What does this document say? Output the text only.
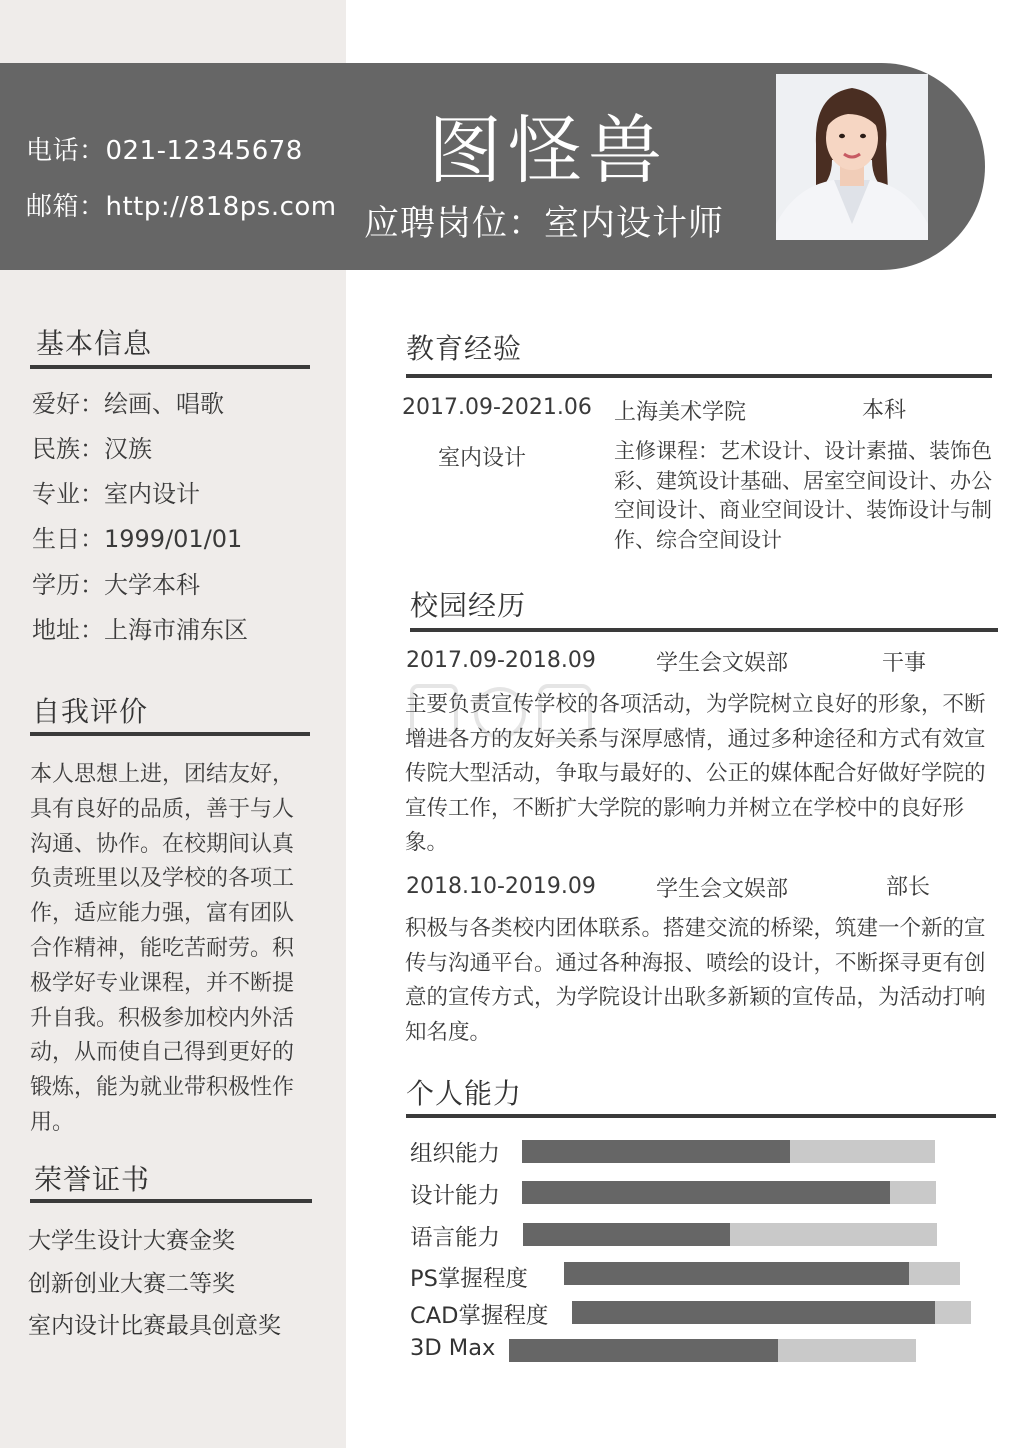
电话：021-12345678
邮箱：http://818ps.com
图怪兽
应聘岗位：室内设计师
基本信息
爱好：绘画、唱歌
民族：汉族
专业：室内设计
生日：1999/01/01
学历：大学本科
地址：上海市浦东区
自我评价
本人思想上进，团结友好，具有良好的品质，善于与人沟通、协作。在校期间认真负责班里以及学校的各项工作，适应能力强，富有团队合作精神，能吃苦耐劳。积极学好专业课程，并不断提升自我。积极参加校内外活动，从而使自己得到更好的锻炼，能为就业带积极性作用。
荣誉证书
大学生设计大赛金奖
创新创业大赛二等奖
室内设计比赛最具创意奖
教育经验
2017.09-2021.06 上海美术学院	本科
室内设计	主修课程：艺术设计、设计素描、装饰色彩、建筑设计基础、居室空间设计、办公空间设计、商业空间设计、装饰设计与制作、综合空间设计
校园经历
2017.09-2018.09	学生会文娱部	干事
主要负责宣传学校的各项活动，为学院树立良好的形象，不断增进各方的友好关系与深厚感情，通过多种途径和方式有效宣传院大型活动，争取与最好的、公正的媒体配合好做好学院的宣传工作，不断扩大学院的影响力并树立在学校中的良好形象。
2018.10-2019.09	学生会文娱部	部长
积极与各类校内团体联系。搭建交流的桥梁，筑建一个新的宣传与沟通平台。通过各种海报、喷绘的设计，不断探寻更有创意的宣传方式，为学院设计出耿多新颖的宣传品，为活动打响知名度。
个人能力
组织能力
设计能力
语言能力
PS掌握程度
CAD掌握程度
3D Max
